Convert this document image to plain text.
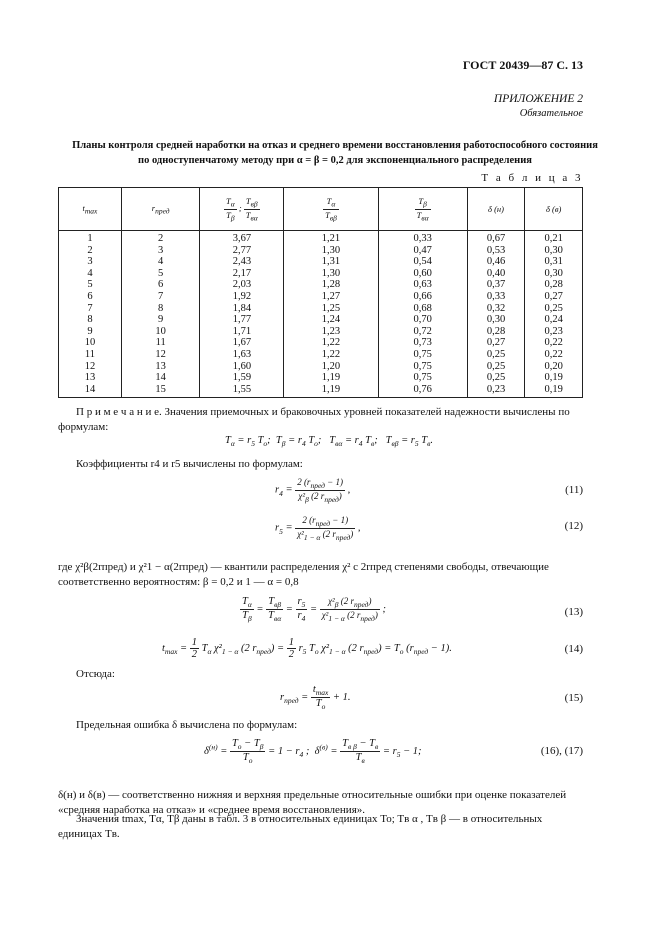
ГОСТ 20439—87 С. 13
ПРИЛОЖЕНИЕ 2
Обязательное
Планы контроля средней наработки на отказ и среднего времени восстановления работоспособного состояния
по одноступенчатому методу при α = β = 0,2 для экспоненциального распределения
Т а б л и ц а 3
$t_{max}$	$r_{пред}$	$\frac{T_\alpha}{T_\beta}$ ; $\frac{T_{в\beta}}{T_{в\alpha}}$	$\frac{T_\alpha}{T_{в\beta}}$	$\frac{T_\beta}{T_{в\alpha}}$	δ (н)	δ (в)
1	2	3,67	1,21	0,33	0,67	0,21
2	3	2,77	1,30	0,47	0,53	0,30
3	4	2,43	1,31	0,54	0,46	0,31
4	5	2,17	1,30	0,60	0,40	0,30
5	6	2,03	1,28	0,63	0,37	0,28
6	7	1,92	1,27	0,66	0,33	0,27
7	8	1,84	1,25	0,68	0,32	0,25
8	9	1,77	1,24	0,70	0,30	0,24
9	10	1,71	1,23	0,72	0,28	0,23
10	11	1,67	1,22	0,73	0,27	0,22
11	12	1,63	1,22	0,75	0,25	0,22
12	13	1,60	1,20	0,75	0,25	0,20
13	14	1,59	1,19	0,75	0,25	0,19
14	15	1,55	1,19	0,76	0,23	0,19
П р и м е ч а н и е. Значения приемочных и браковочных уровней показателей надежности вычислены по формулам:
$T_\alpha = r_5$ $T_o$;  $T_\beta = r_4$ $T_o$;   $T_{в\alpha} = r_4$ $T_в$;   $T_{в\beta} = r_5$ $T_в$.
Коэффициенты r4 и r5 вычислены по формулам:
$r_4 = \frac{2 (r_{пред} - 1)}{\chi^2_\beta (2 r_{пред})}$ ,	(11)
$r_5 = \frac{2 (r_{пред} - 1)}{\chi^2_{1 - \alpha} (2 r_{пред})}$ ,	(12)
где χ²β(2rпред) и χ²1 − α(2rпред) — квантили распределения χ² с 2rпред степенями свободы, отвечающие соответственно вероятностям: β = 0,2 и 1 — α = 0,8
$\frac{T_\alpha}{T_\beta} = \frac{T_{в\beta}}{T_{в\alpha}} = \frac{r_5}{r_4} = \frac{\chi^2_\beta (2 r_{пред})}{\chi^2_{1 - \alpha} (2 r_{пред})}$ ;	(13)
$t_{max} = \frac{1}{2} T_\alpha$ $\chi^2_{1 - \alpha}$ (2 $r_{пред}) = \frac{1}{2} r_5$ $T_o$ $\chi^2_{1 - \alpha}$ (2 $r_{пред}) = T_o$ $(r_{пред} - 1)$.	(14)
Отсюда:
$r_{пред} = \frac{t_{max}}{T_o} + 1$.	(15)
Предельная ошибка δ вычислена по формулам:
$\delta^{(н)} = \frac{T_o - T_\beta}{T_o} = 1 - r_4$ ;  $\delta^{(в)} = \frac{T_{в \beta} - T_в}{T_в} = r_5 - 1$;	(16), (17)
δ(н) и δ(в) — соответственно нижняя и верхняя предельные относительные ошибки при оценке показателей «средняя наработка на отказ» и «среднее время восстановления».
Значения tmax, Tα, Tβ даны в табл. 3 в относительных единицах To; Tв α , Tв β — в относительных единицах Tв.
